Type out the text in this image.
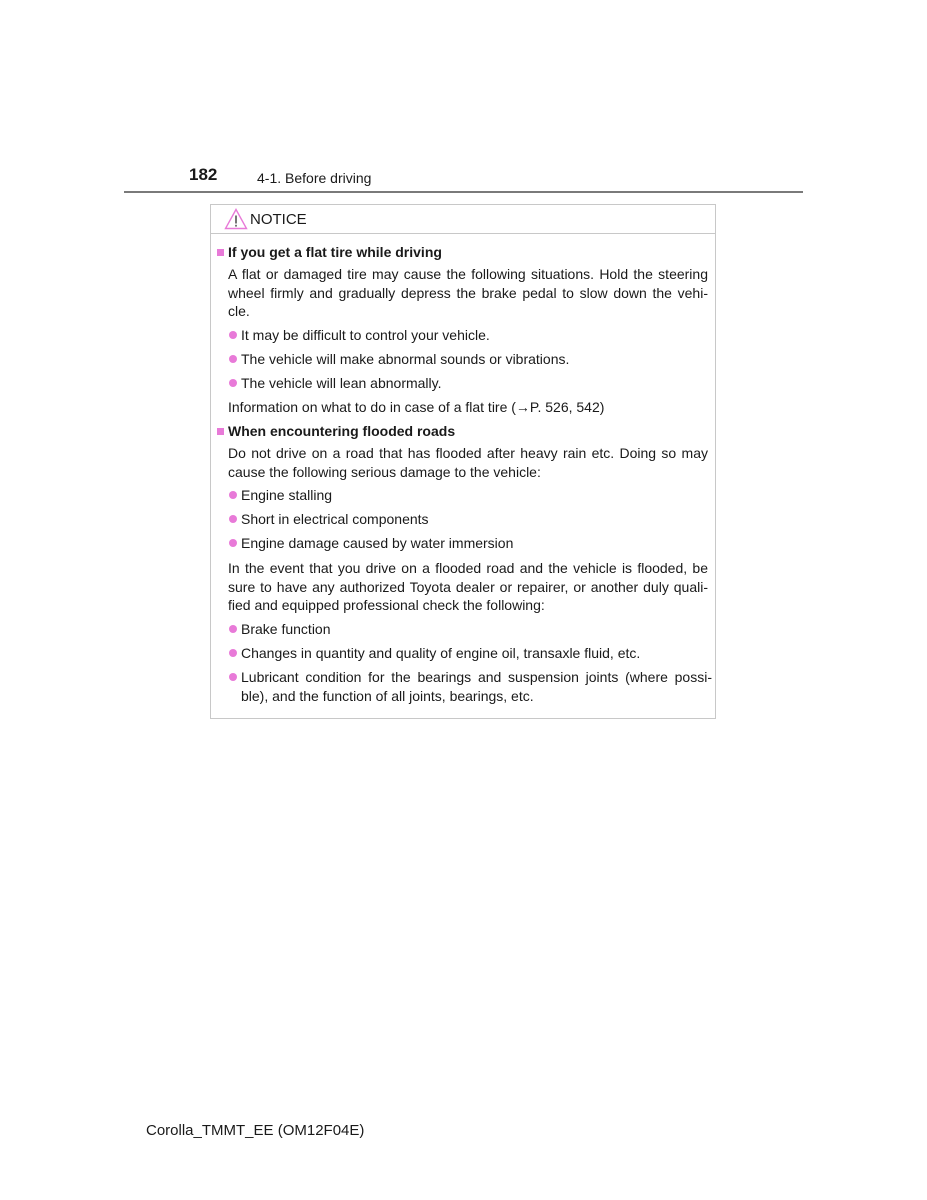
182	4-1. Before driving
NOTICE
If you get a flat tire while driving
A flat or damaged tire may cause the following situations. Hold the steering wheel firmly and gradually depress the brake pedal to slow down the vehi-cle.
It may be difficult to control your vehicle.
The vehicle will make abnormal sounds or vibrations.
The vehicle will lean abnormally.
Information on what to do in case of a flat tire (→P. 526, 542)
When encountering flooded roads
Do not drive on a road that has flooded after heavy rain etc. Doing so may cause the following serious damage to the vehicle:
Engine stalling
Short in electrical components
Engine damage caused by water immersion
In the event that you drive on a flooded road and the vehicle is flooded, be sure to have any authorized Toyota dealer or repairer, or another duly quali-fied and equipped professional check the following:
Brake function
Changes in quantity and quality of engine oil, transaxle fluid, etc.
Lubricant condition for the bearings and suspension joints (where possi-ble), and the function of all joints, bearings, etc.
Corolla_TMMT_EE (OM12F04E)
